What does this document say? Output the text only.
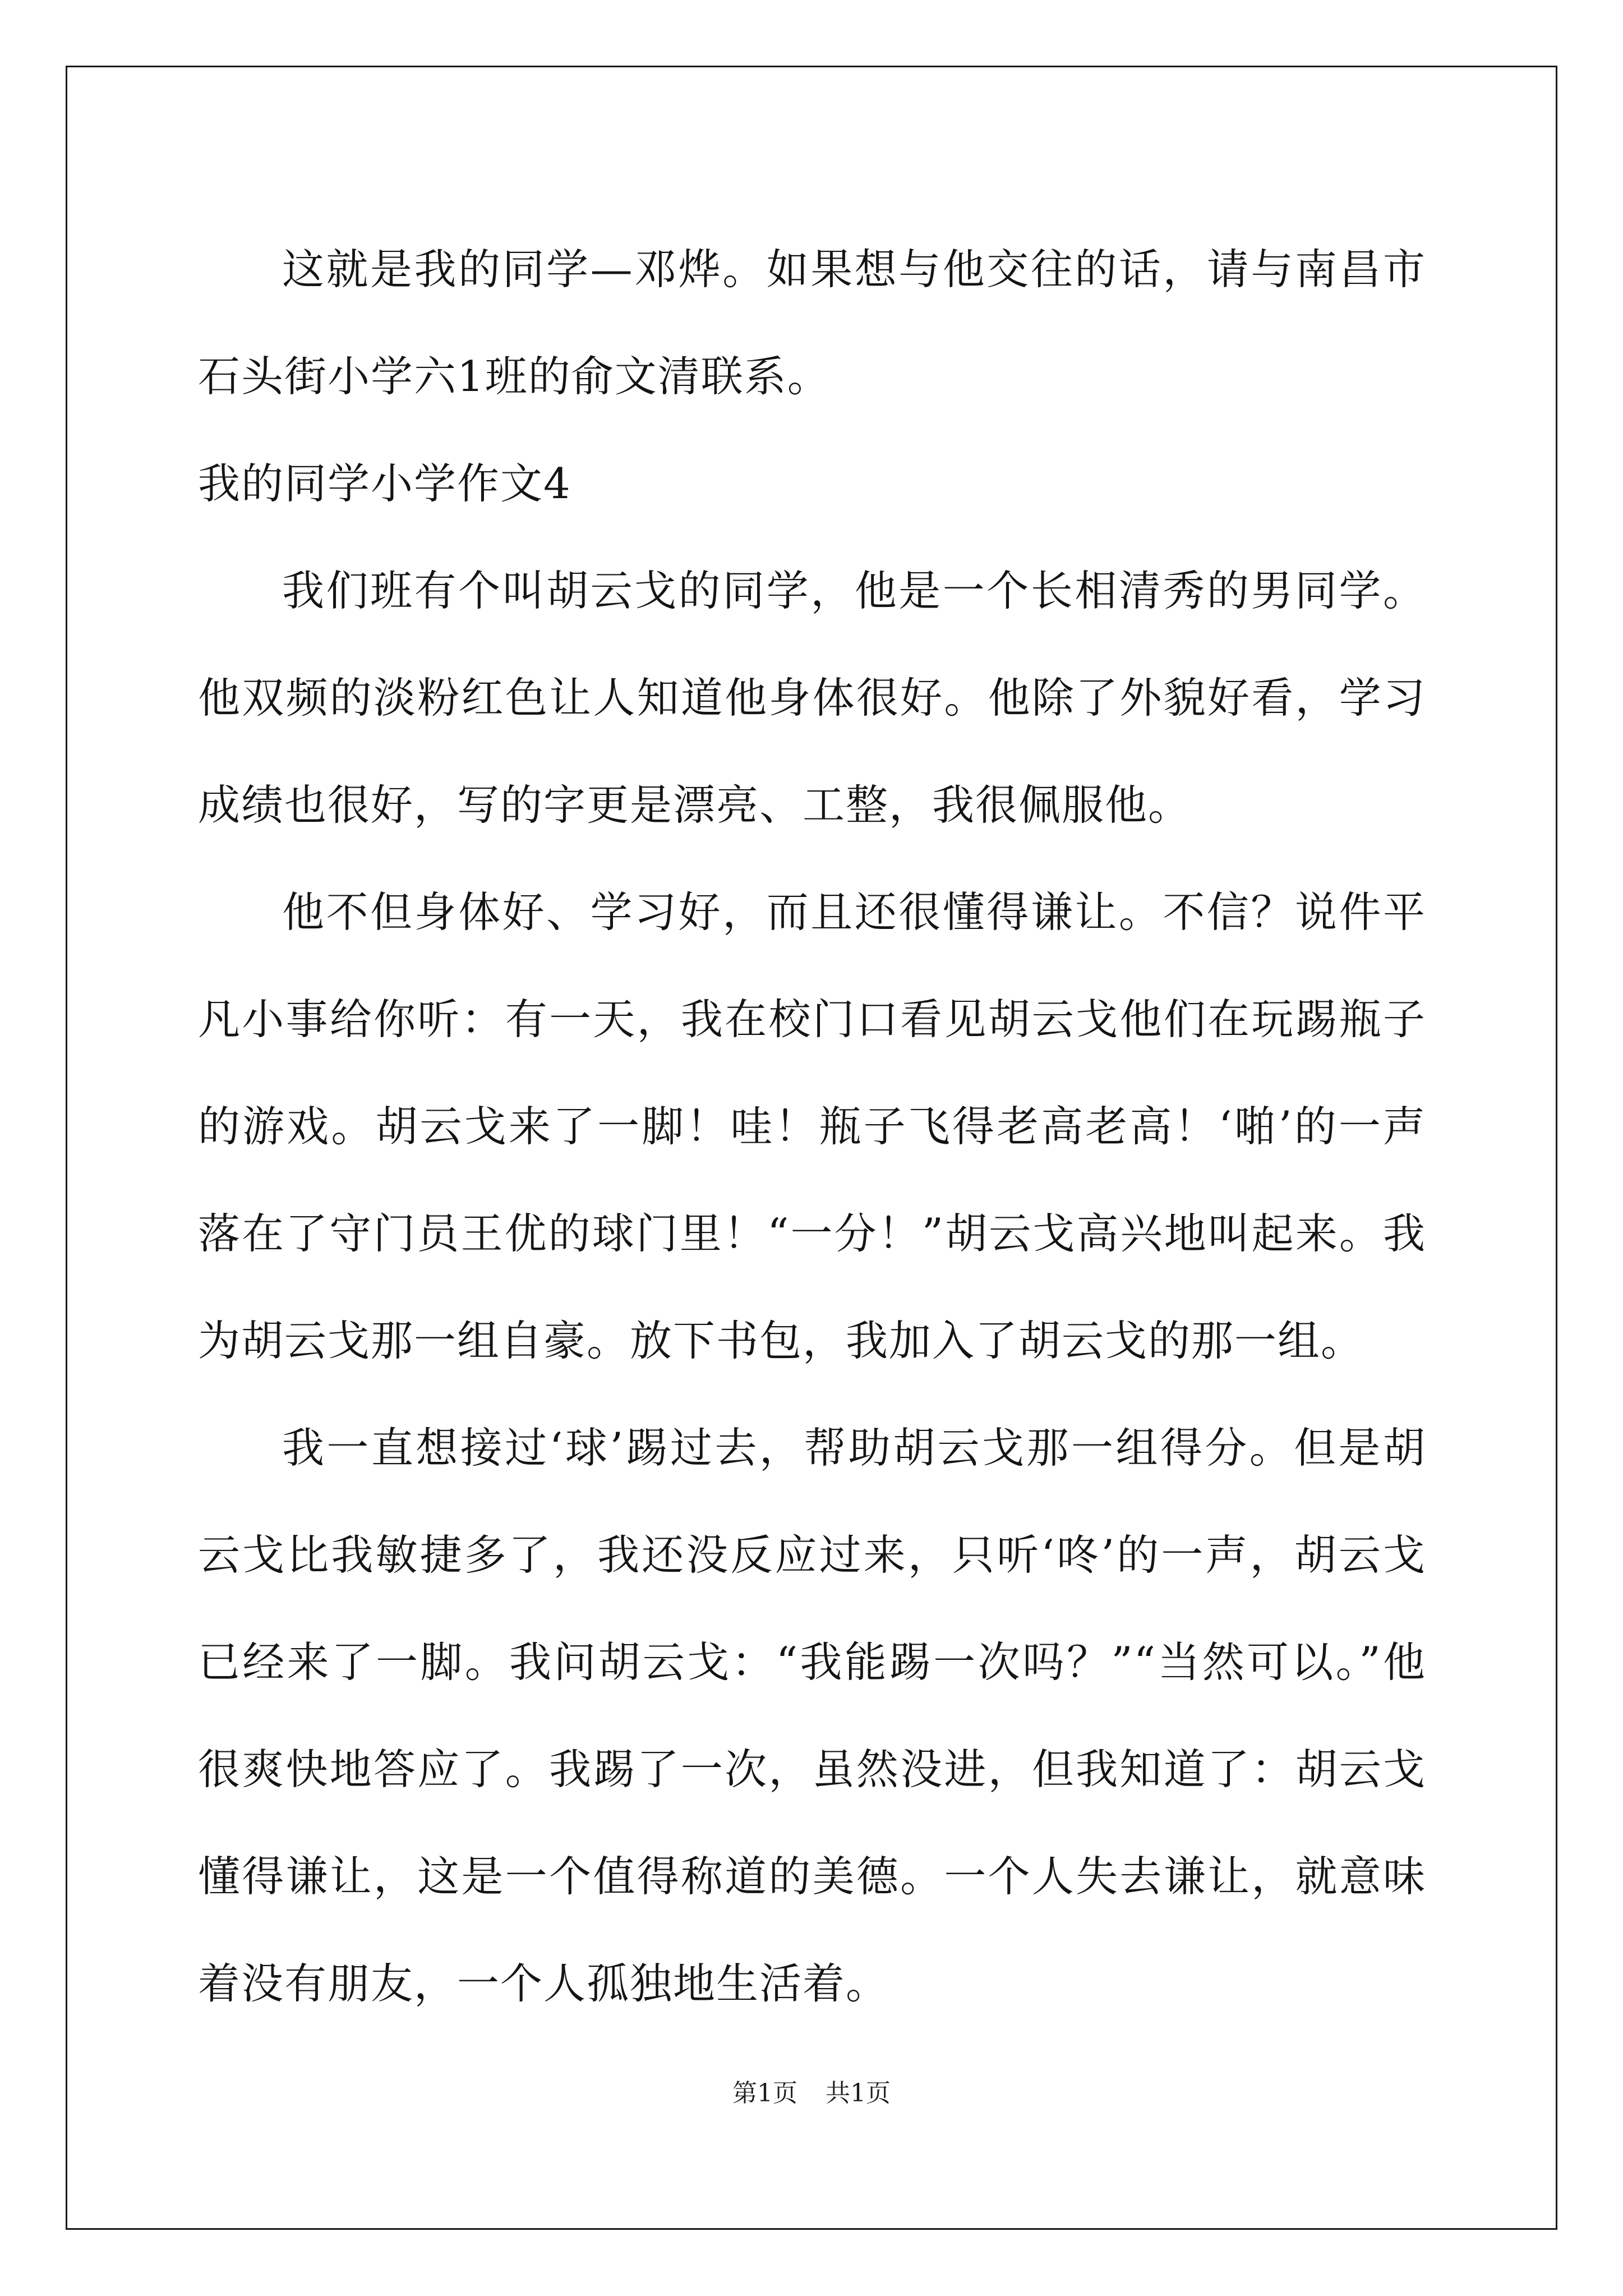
这就是我的同学—邓烨。如果想与他交往的话，请与南昌市石头街小学六1班的俞文清联系。

我的同学小学作文4

我们班有个叫胡云戈的同学，他是一个长相清秀的男同学。他双频的淡粉红色让人知道他身体很好。他除了外貌好看，学习成绩也很好，写的字更是漂亮、工整，我很佩服他。

他不但身体好、学习好，而且还很懂得谦让。不信？说件平凡小事给你听：有一天，我在校门口看见胡云戈他们在玩踢瓶子的游戏。胡云戈来了一脚！哇！瓶子飞得老高老高！‘啪’的一声落在了守门员王优的球门里！“一分！”胡云戈高兴地叫起来。我为胡云戈那一组自豪。放下书包，我加入了胡云戈的那一组。

我一直想接过‘球’踢过去，帮助胡云戈那一组得分。但是胡云戈比我敏捷多了，我还没反应过来，只听‘咚’的一声，胡云戈已经来了一脚。我问胡云戈：“我能踢一次吗？”“当然可以。”他很爽快地答应了。我踢了一次，虽然没进，但我知道了：胡云戈懂得谦让，这是一个值得称道的美德。一个人失去谦让，就意味着没有朋友，一个人孤独地生活着。

第1页 共1页
